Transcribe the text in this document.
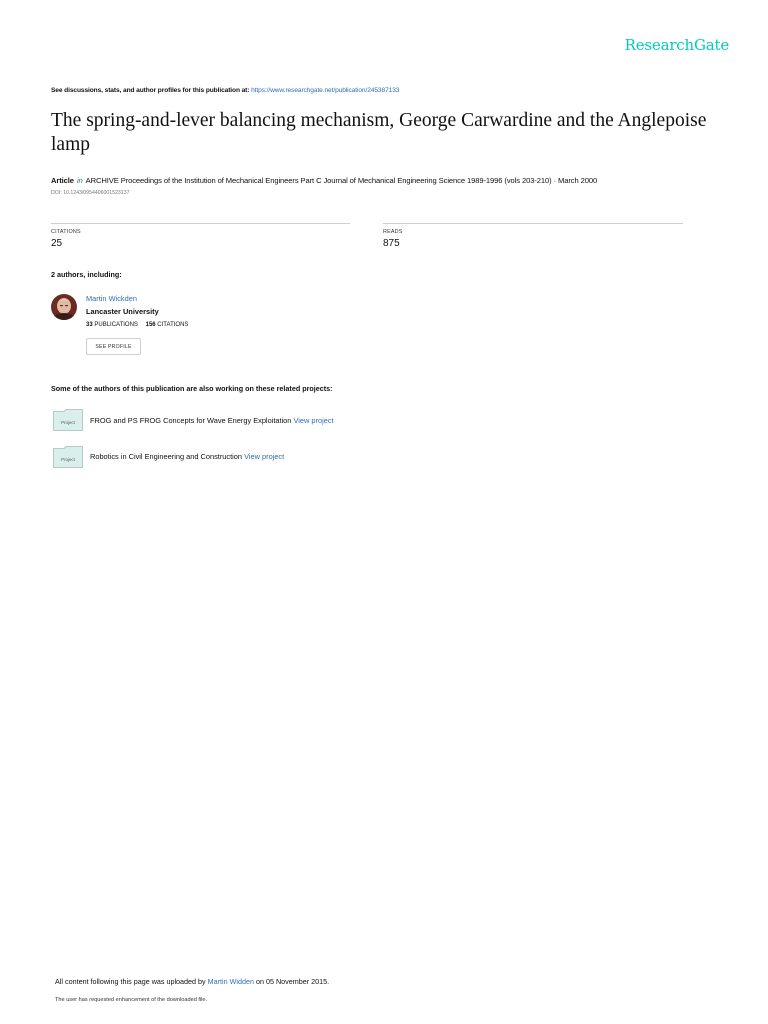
ResearchGate
See discussions, stats, and author profiles for this publication at: https://www.researchgate.net/publication/245387133
The spring-and-lever balancing mechanism, George Carwardine and the Anglepoise lamp
Article in ARCHIVE Proceedings of the Institution of Mechanical Engineers Part C Journal of Mechanical Engineering Science 1989-1996 (vols 203-210) · March 2000
DOI: 10.1243/0954406001523137
CITATIONS
25
READS
875
2 authors, including:
Martin Wickden
Lancaster University
33 PUBLICATIONS 156 CITATIONS
SEE PROFILE
Some of the authors of this publication are also working on these related projects:
Project FROG and PS FROG Concepts for Wave Energy Exploitation View project
Project Robotics in Civil Engineering and Construction View project
All content following this page was uploaded by Martin Widden on 05 November 2015.
The user has requested enhancement of the downloaded file.
